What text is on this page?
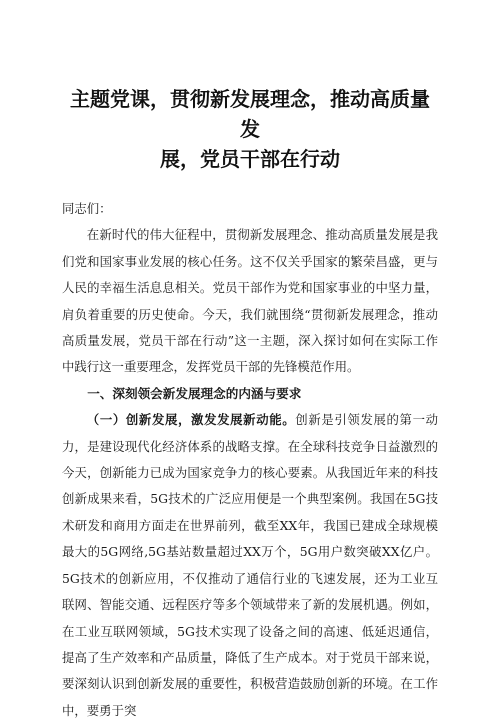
主题党课，贯彻新发展理念，推动高质量发
展，党员干部在行动

同志们：

在新时代的伟大征程中，贯彻新发展理念、推动高质量发展是我们党和国家事业发展的核心任务。这不仅关乎国家的繁荣昌盛，更与人民的幸福生活息息相关。党员干部作为党和国家事业的中坚力量，肩负着重要的历史使命。今天，我们就围绕“贯彻新发展理念，推动高质量发展，党员干部在行动”这一主题，深入探讨如何在实际工作中践行这一重要理念，发挥党员干部的先锋模范作用。

一、深刻领会新发展理念的内涵与要求

（一）创新发展，激发发展新动能。创新是引领发展的第一动力，是建设现代化经济体系的战略支撑。在全球科技竞争日益激烈的今天，创新能力已成为国家竞争力的核心要素。从我国近年来的科技创新成果来看，5G技术的广泛应用便是一个典型案例。我国在5G技术研发和商用方面走在世界前列，截至XX年，我国已建成全球规模最大的5G网络,5G基站数量超过XX万个，5G用户数突破XX亿户。5G技术的创新应用，不仅推动了通信行业的飞速发展，还为工业互联网、智能交通、远程医疗等多个领域带来了新的发展机遇。例如，在工业互联网领域，5G技术实现了设备之间的高速、低延迟通信，提高了生产效率和产品质量，降低了生产成本。对于党员干部来说，要深刻认识到创新发展的重要性，积极营造鼓励创新的环境。在工作中，要勇于突
